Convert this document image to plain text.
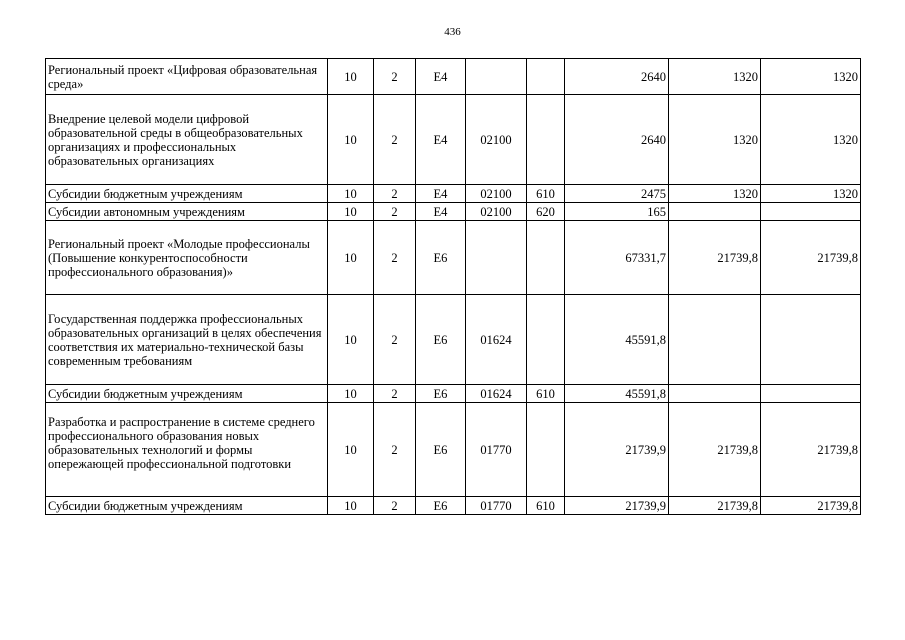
436
Региональный проект «Цифровая образовательная среда»	10	2	E4			2640	1320	1320
Внедрение целевой модели цифровой образовательной среды в общеобразовательных организациях и профессиональных образовательных организациях	10	2	E4	02100		2640	1320	1320
Субсидии бюджетным учреждениям	10	2	E4	02100	610	2475	1320	1320
Субсидии автономным учреждениям	10	2	E4	02100	620	165		
Региональный проект «Молодые профессионалы (Повышение конкурентоспособности профессионального образования)»	10	2	E6			67331,7	21739,8	21739,8
Государственная поддержка профессиональных образовательных организаций в целях обеспечения соответствия их материально-технической базы современным требованиям	10	2	E6	01624		45591,8		
Субсидии бюджетным учреждениям	10	2	E6	01624	610	45591,8		
Разработка и распространение в системе среднего профессионального образования новых образовательных технологий и формы опережающей профессиональной подготовки	10	2	E6	01770		21739,9	21739,8	21739,8
Субсидии бюджетным учреждениям	10	2	E6	01770	610	21739,9	21739,8	21739,8
